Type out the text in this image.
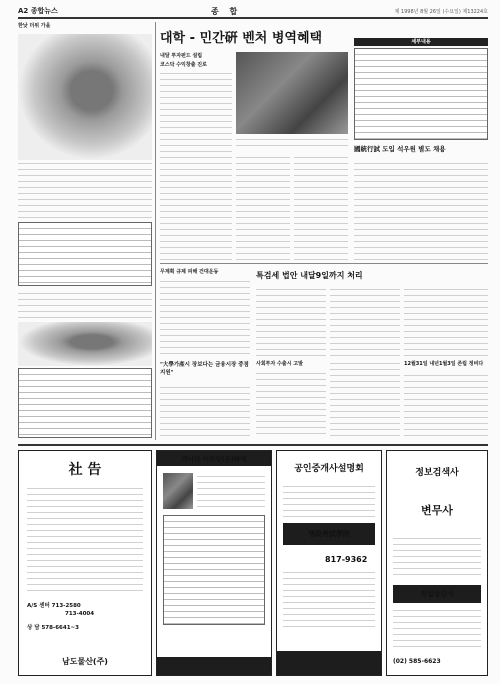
A2 종합뉴스	종 합	제 1998년 8월 26일 (수요일) 제13224호
한낮 더위 가을
대학 - 민간硏 벤처 병역혜택
내달 투자펀드 설립
코스닥 수익창출 진로
세부내용
國統行試 도입 석우원 별도 채용
무계획 규제 피해 건대운동
"大學가產시 장보다는 금융시장 중점 지원"
특검세 법안 내달9일까지 처리
사회투자 수출시 고발	12월31일 내년1월3일 존립 정비다
社 告
A/S 센터 713-2580
713-4004
상 담 578-6641~3
남도물산(주)
캐나다 이민상(주)하제
공인중개사설명회
행政考試學院
817-9362
정보검색사
변무사
직업상담사
(02) 585-6623
